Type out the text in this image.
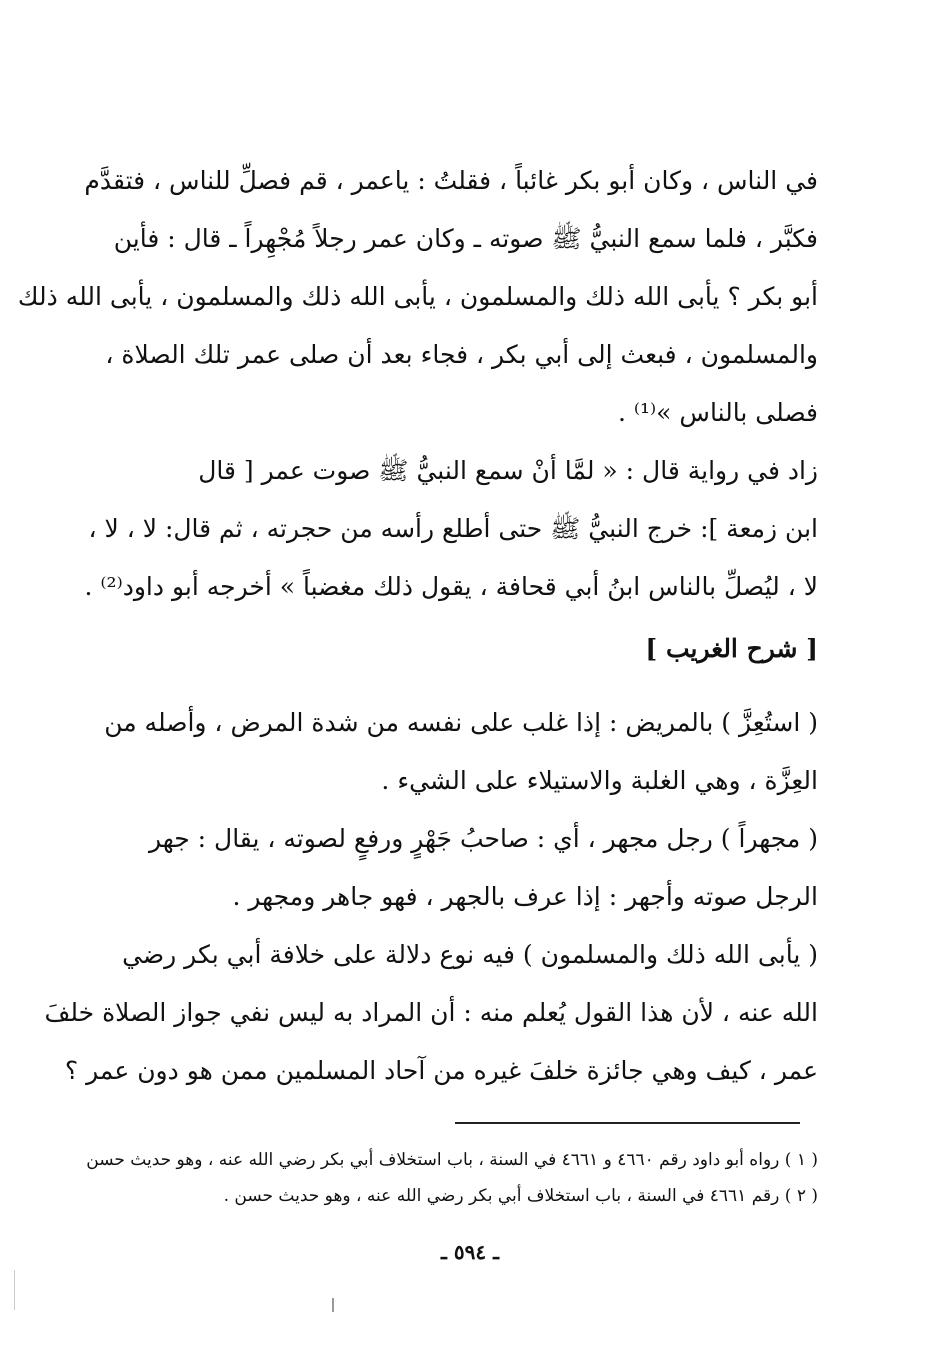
في الناس ، وكان أبو بكر غائباً ، فقلتُ : ياعمر ، قم فصلِّ للناس ، فتقدَّم
فكبَّر ، فلما سمع النبيُّ ﷺ صوته ـ وكان عمر رجلاً مُجْهِراً ـ قال : فأين
أبو بكر ؟ يأبى الله ذلك والمسلمون ، يأبى الله ذلك والمسلمون ، يأبى الله ذلك
والمسلمون ، فبعث إلى أبي بكر ، فجاء بعد أن صلى عمر تلك الصلاة ،
فصلى بالناس »⁽¹⁾ .
زاد في رواية قال : « لمَّا أنْ سمع النبيُّ ﷺ صوت عمر [ قال
ابن زمعة ]: خرج النبيُّ ﷺ حتى أطلع رأسه من حجرته ، ثم قال: لا ، لا ،
لا ، ليُصلِّ بالناس ابنُ أبي قحافة ، يقول ذلك مغضباً » أخرجه أبو داود⁽²⁾ .
[ شرح الغريب ]
( استُعِزَّ ) بالمريض : إذا غلب على نفسه من شدة المرض ، وأصله من
العِزَّة ، وهي الغلبة والاستيلاء على الشيء .
( مجهراً ) رجل مجهر ، أي : صاحبُ جَهْرٍ ورفعٍ لصوته ، يقال : جهر
الرجل صوته وأجهر : إذا عرف بالجهر ، فهو جاهر ومجهر .
( يأبى الله ذلك والمسلمون ) فيه نوع دلالة على خلافة أبي بكر رضي
الله عنه ، لأن هذا القول يُعلم منه : أن المراد به ليس نفي جواز الصلاة خلفَ
عمر ، كيف وهي جائزة خلفَ غيره من آحاد المسلمين ممن هو دون عمر ؟
( ١ ) رواه أبو داود رقم ٤٦٦٠ و ٤٦٦١ في السنة ، باب استخلاف أبي بكر رضي الله عنه ، وهو حديث حسن
( ٢ ) رقم ٤٦٦١ في السنة ، باب استخلاف أبي بكر رضي الله عنه ، وهو حديث حسن .
ـ ٥٩٤ ـ
